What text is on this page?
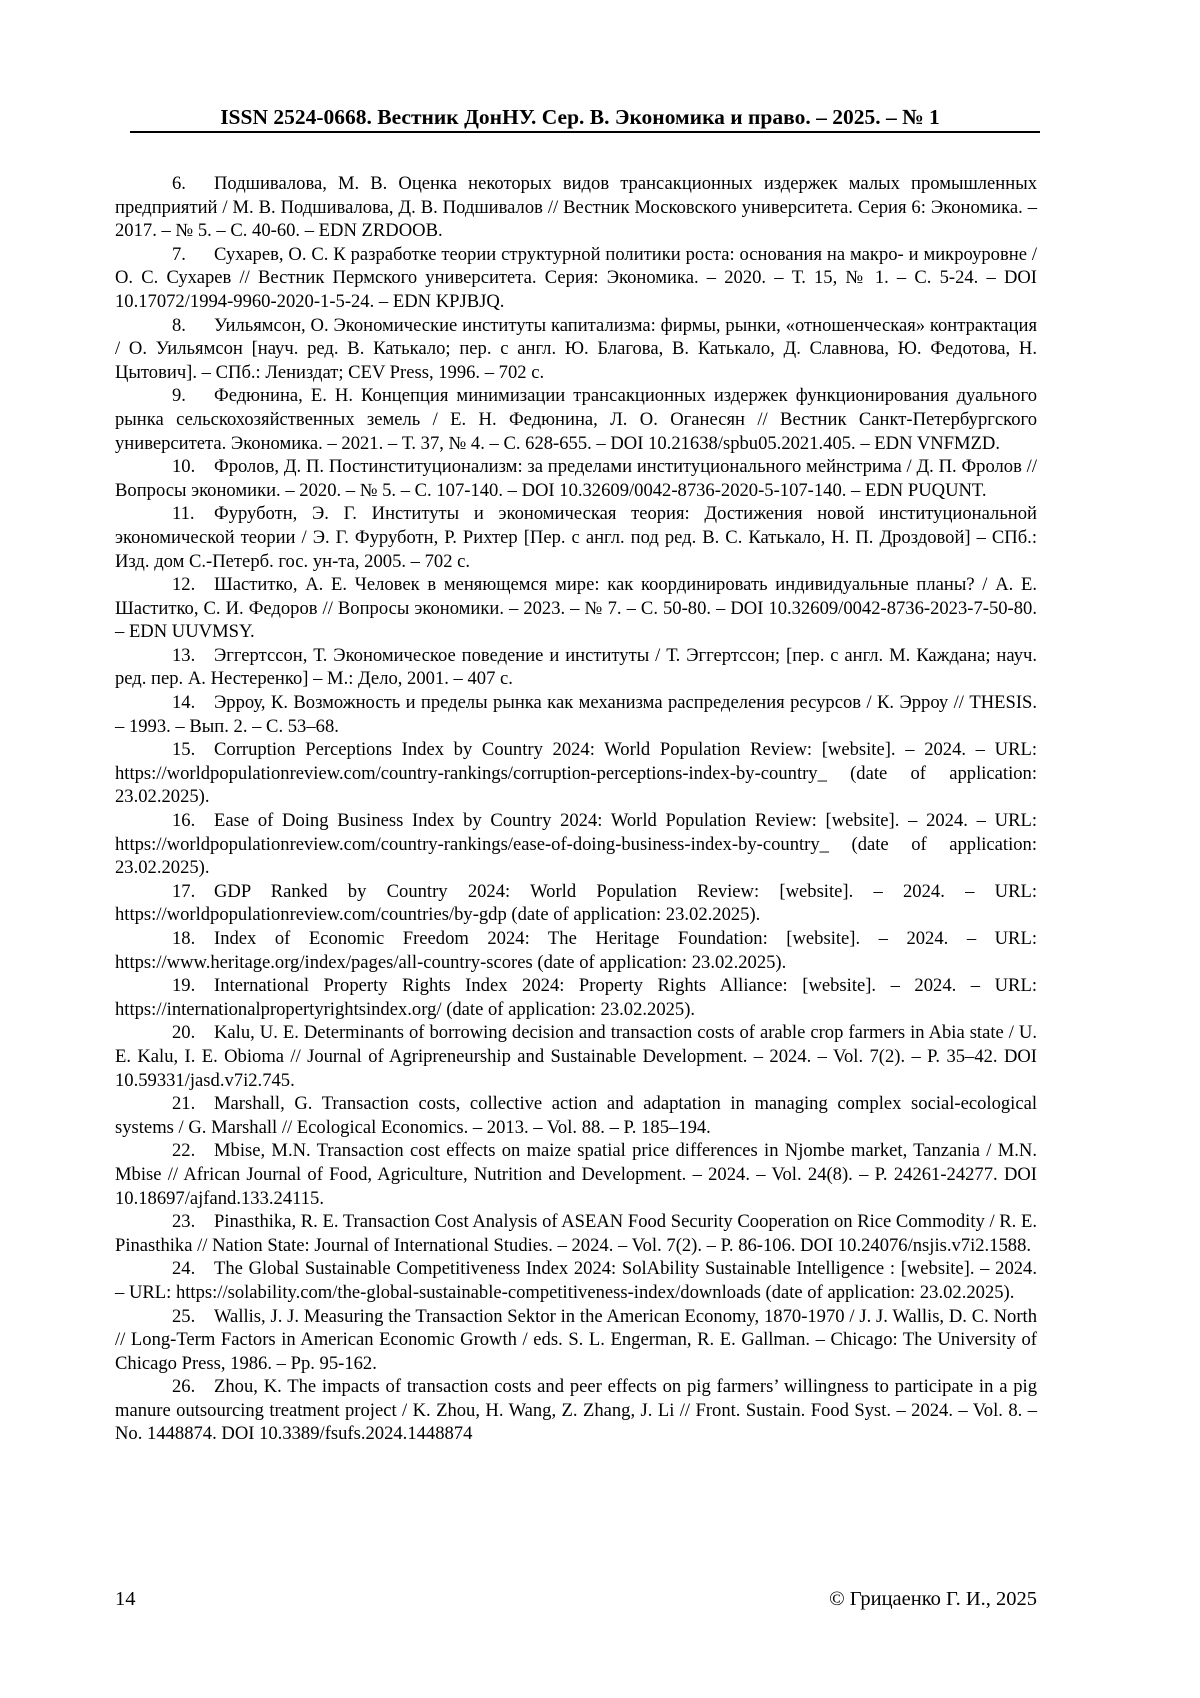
ISSN 2524-0668. Вестник ДонНУ. Сер. В. Экономика и право. – 2025. – № 1

6. Подшивалова, М. В. Оценка некоторых видов трансакционных издержек малых промышленных предприятий / М. В. Подшивалова, Д. В. Подшивалов // Вестник Московского университета. Серия 6: Экономика. – 2017. – № 5. – С. 40-60. – EDN ZRDOOB.

7. Сухарев, О. С. К разработке теории структурной политики роста: основания на макро- и микроуровне / О. С. Сухарев // Вестник Пермского университета. Серия: Экономика. – 2020. – Т. 15, № 1. – С. 5-24. – DOI 10.17072/1994-9960-2020-1-5-24. – EDN KPJBJQ.

8. Уильямсон, О. Экономические институты капитализма: фирмы, рынки, «отношенческая» контрактация / О. Уильямсон [науч. ред. В. Катькало; пер. с англ. Ю. Благова, В. Катькало, Д. Славнова, Ю. Федотова, Н. Цытович]. – СПб.: Лениздат; CEV Press, 1996. – 702 с.

9. Федюнина, Е. Н. Концепция минимизации трансакционных издержек функционирования дуального рынка сельскохозяйственных земель / Е. Н. Федюнина, Л. О. Оганесян // Вестник Санкт-Петербургского университета. Экономика. – 2021. – Т. 37, № 4. – С. 628-655. – DOI 10.21638/spbu05.2021.405. – EDN VNFMZD.

10. Фролов, Д. П. Постинституционализм: за пределами институционального мейнстрима / Д. П. Фролов // Вопросы экономики. – 2020. – № 5. – С. 107-140. – DOI 10.32609/0042-8736-2020-5-107-140. – EDN PUQUNT.

11. Фуруботн, Э. Г. Институты и экономическая теория: Достижения новой институциональной экономической теории / Э. Г. Фуруботн, Р. Рихтер [Пер. с англ. под ред. В. С. Катькало, Н. П. Дроздовой] – СПб.: Изд. дом С.-Петерб. гос. ун-та, 2005. – 702 с.

12. Шаститко, А. Е. Человек в меняющемся мире: как координировать индивидуальные планы? / А. Е. Шаститко, С. И. Федоров // Вопросы экономики. – 2023. – № 7. – С. 50-80. – DOI 10.32609/0042-8736-2023-7-50-80. – EDN UUVMSY.

13. Эггертссон, Т. Экономическое поведение и институты / Т. Эггертссон; [пер. с англ. М. Каждана; науч. ред. пер. А. Нестеренко] – М.: Дело, 2001. – 407 с.

14. Эрроу, К. Возможность и пределы рынка как механизма распределения ресурсов / К. Эрроу // THESIS. – 1993. – Вып. 2. – С. 53–68.

15. Corruption Perceptions Index by Country 2024: World Population Review: [website]. – 2024. – URL: https://worldpopulationreview.com/country-rankings/corruption-perceptions-index-by-country_ (date of application: 23.02.2025).

16. Ease of Doing Business Index by Country 2024: World Population Review: [website]. – 2024. – URL: https://worldpopulationreview.com/country-rankings/ease-of-doing-business-index-by-country_ (date of application: 23.02.2025).

17. GDP Ranked by Country 2024: World Population Review: [website]. – 2024. – URL: https://worldpopulationreview.com/countries/by-gdp (date of application: 23.02.2025).

18. Index of Economic Freedom 2024: The Heritage Foundation: [website]. – 2024. – URL: https://www.heritage.org/index/pages/all-country-scores (date of application: 23.02.2025).

19. International Property Rights Index 2024: Property Rights Alliance: [website]. – 2024. – URL: https://internationalpropertyrightsindex.org/ (date of application: 23.02.2025).

20. Kalu, U. E. Determinants of borrowing decision and transaction costs of arable crop farmers in Abia state / U. E. Kalu, I. E. Obioma // Journal of Agripreneurship and Sustainable Development. – 2024. – Vol. 7(2). – P. 35–42. DOI 10.59331/jasd.v7i2.745.

21. Marshall, G. Transaction costs, collective action and adaptation in managing complex social-ecological systems / G. Marshall // Ecological Economics. – 2013. – Vol. 88. – P. 185–194.

22. Mbise, M.N. Transaction cost effects on maize spatial price differences in Njombe market, Tanzania / M.N. Mbise // African Journal of Food, Agriculture, Nutrition and Development. – 2024. – Vol. 24(8). – P. 24261-24277. DOI 10.18697/ajfand.133.24115.

23. Pinasthika, R. E. Transaction Cost Analysis of ASEAN Food Security Cooperation on Rice Commodity / R. E. Pinasthika // Nation State: Journal of International Studies. – 2024. – Vol. 7(2). – P. 86-106. DOI 10.24076/nsjis.v7i2.1588.

24. The Global Sustainable Competitiveness Index 2024: SolAbility Sustainable Intelligence : [website]. – 2024. – URL: https://solability.com/the-global-sustainable-competitiveness-index/downloads (date of application: 23.02.2025).

25. Wallis, J. J. Measuring the Transaction Sektor in the American Economy, 1870-1970 / J. J. Wallis, D. C. North // Long-Term Factors in American Economic Growth / eds. S. L. Engerman, R. E. Gallman. – Chicago: The University of Chicago Press, 1986. – Pp. 95-162.

26. Zhou, K. The impacts of transaction costs and peer effects on pig farmers’ willingness to participate in a pig manure outsourcing treatment project / K. Zhou, H. Wang, Z. Zhang, J. Li // Front. Sustain. Food Syst. – 2024. – Vol. 8. – No. 1448874. DOI 10.3389/fsufs.2024.1448874

14	© Грицаенко Г. И., 2025
